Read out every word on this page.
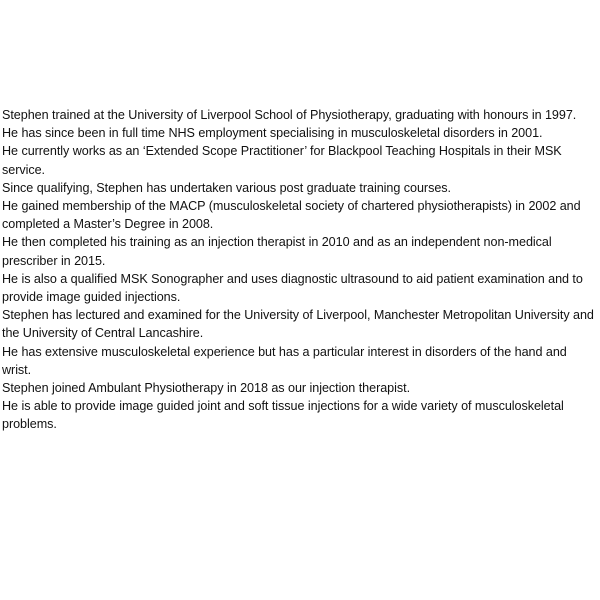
Stephen trained at the University of Liverpool School of Physiotherapy, graduating with honours in 1997.

He has since been in full time NHS employment specialising in musculoskeletal disorders in 2001.

He currently works as an ‘Extended Scope Practitioner’ for Blackpool Teaching Hospitals in their MSK service.

Since qualifying, Stephen has undertaken various post graduate training courses.

He gained membership of the MACP (musculoskeletal society of chartered physiotherapists) in 2002 and completed a Master’s Degree in 2008.

He then completed his training as an injection therapist in 2010 and as an independent non-medical prescriber in 2015.

He is also a qualified MSK Sonographer and uses diagnostic ultrasound to aid patient examination and to provide image guided injections.

Stephen has lectured and examined for the University of Liverpool, Manchester Metropolitan University and the University of Central Lancashire.

He has extensive musculoskeletal experience but has a particular interest in disorders of the hand and wrist.

Stephen joined Ambulant Physiotherapy in 2018 as our injection therapist.

He is able to provide image guided joint and soft tissue injections for a wide variety of musculoskeletal problems.
